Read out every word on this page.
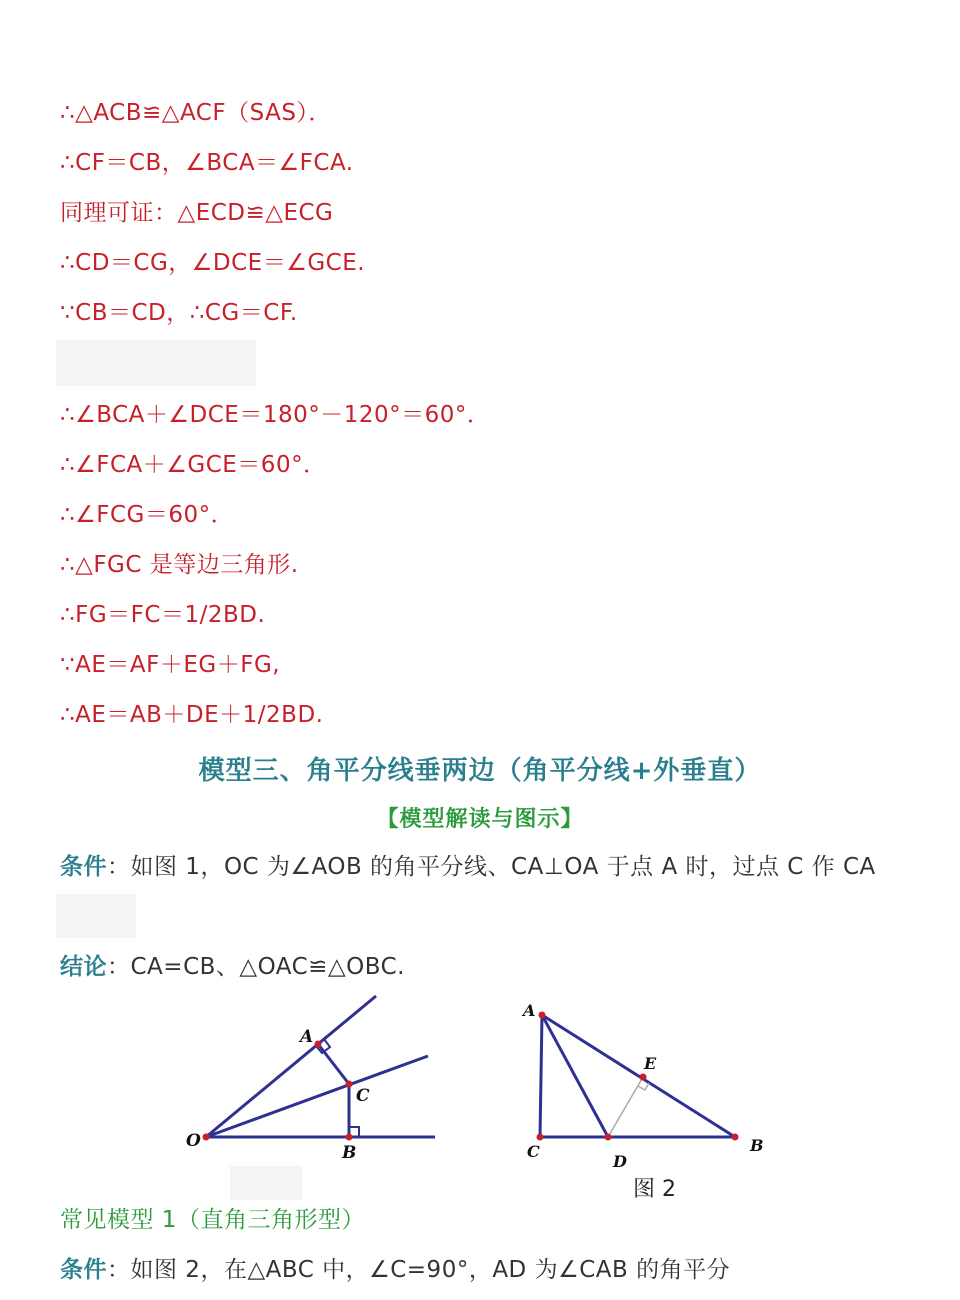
∴△ACB≌△ACF（SAS）．
∴CF＝CB，∠BCA＝∠FCA.
同理可证：△ECD≌△ECG
∴CD＝CG，∠DCE＝∠GCE.
∵CB＝CD，∴CG＝CF.
∴∠BCA＋∠DCE＝180°－120°＝60°．
∴∠FCA＋∠GCE＝60°．
∴∠FCG＝60°．
∴△FGC 是等边三角形.
∴FG＝FC＝1/2BD.
∵AE＝AF＋EG＋FG,
∴AE＝AB＋DE＋1/2BD.
模型三、角平分线垂两边（角平分线+外垂直）
【模型解读与图示】
条件：如图 1，OC 为∠AOB 的角平分线、CA⊥OA 于点 A 时，过点 C 作 CA
结论：CA=CB、△OAC≌△OBC.
O
A
C
B
A
E
C
D
B
图 2
常见模型 1（直角三角形型）
条件：如图 2，在△ABC 中，∠C=90°，AD 为∠CAB 的角平分
